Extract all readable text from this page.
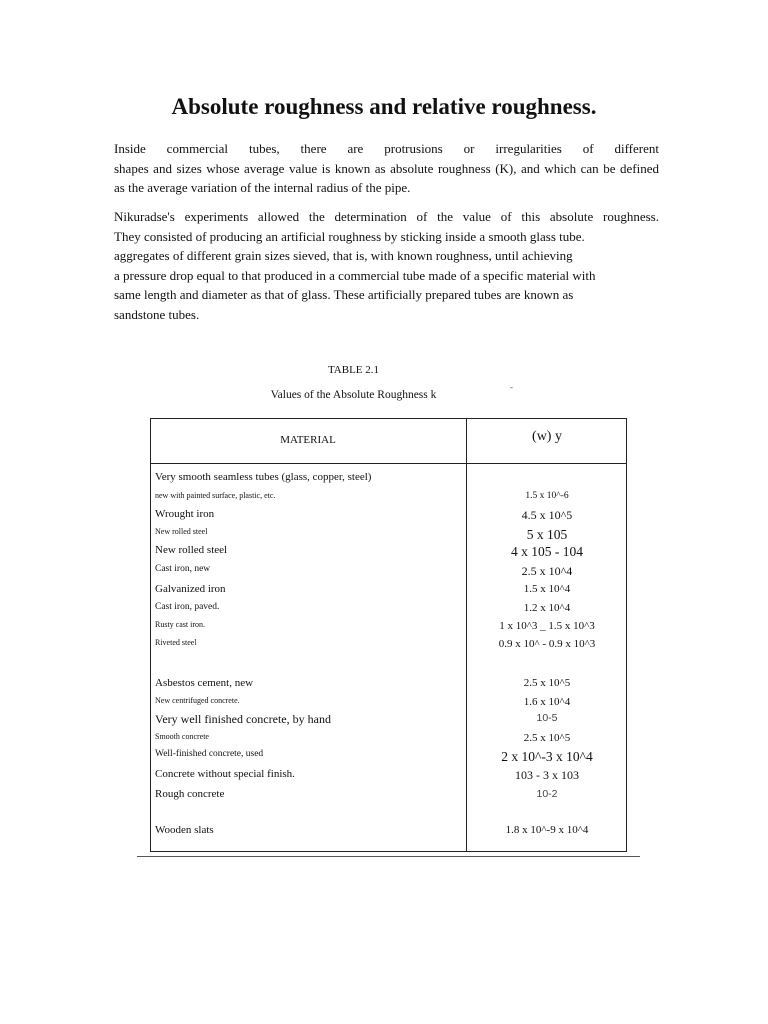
Absolute roughness and relative roughness.
Inside commercial tubes, there are protrusions or irregularities of different
shapes and sizes whose average value is known as absolute roughness (K), and which can be defined
as the average variation of the internal radius of the pipe.
Nikuradse's experiments allowed the determination of the value of this absolute roughness.
They consisted of producing an artificial roughness by sticking inside a smooth glass tube.
aggregates of different grain sizes sieved, that is, with known roughness, until achieving
a pressure drop equal to that produced in a commercial tube made of a specific material with
same length and diameter as that of glass. These artificially prepared tubes are known as
sandstone tubes.
TABLE 2.1
Values of the Absolute Roughness k
-
MATERIAL	(w) y
Very smooth seamless tubes (glass, copper, steel)
new with painted surface, plastic, etc.	1.5 x 10^-6
Wrought iron	4.5 x 10^5
New rolled steel	5 x 105
New rolled steel	4 x 105 - 104
Cast iron, new	2.5 x 10^4
Galvanized iron	1.5 x 10^4
Cast iron, paved.	1.2 x 10^4
Rusty cast iron.	1 x 10^3 _ 1.5 x 10^3
Riveted steel	0.9 x 10^ - 0.9 x 10^3
Asbestos cement, new	2.5 x 10^5
New centrifuged concrete.	1.6 x 10^4
Very well finished concrete, by hand	10-5
Smooth concrete	2.5 x 10^5
Well-finished concrete, used	2 x 10^-3 x 10^4
Concrete without special finish.	103 - 3 x 103
Rough concrete	10-2
Wooden slats	1.8 x 10^-9 x 10^4
